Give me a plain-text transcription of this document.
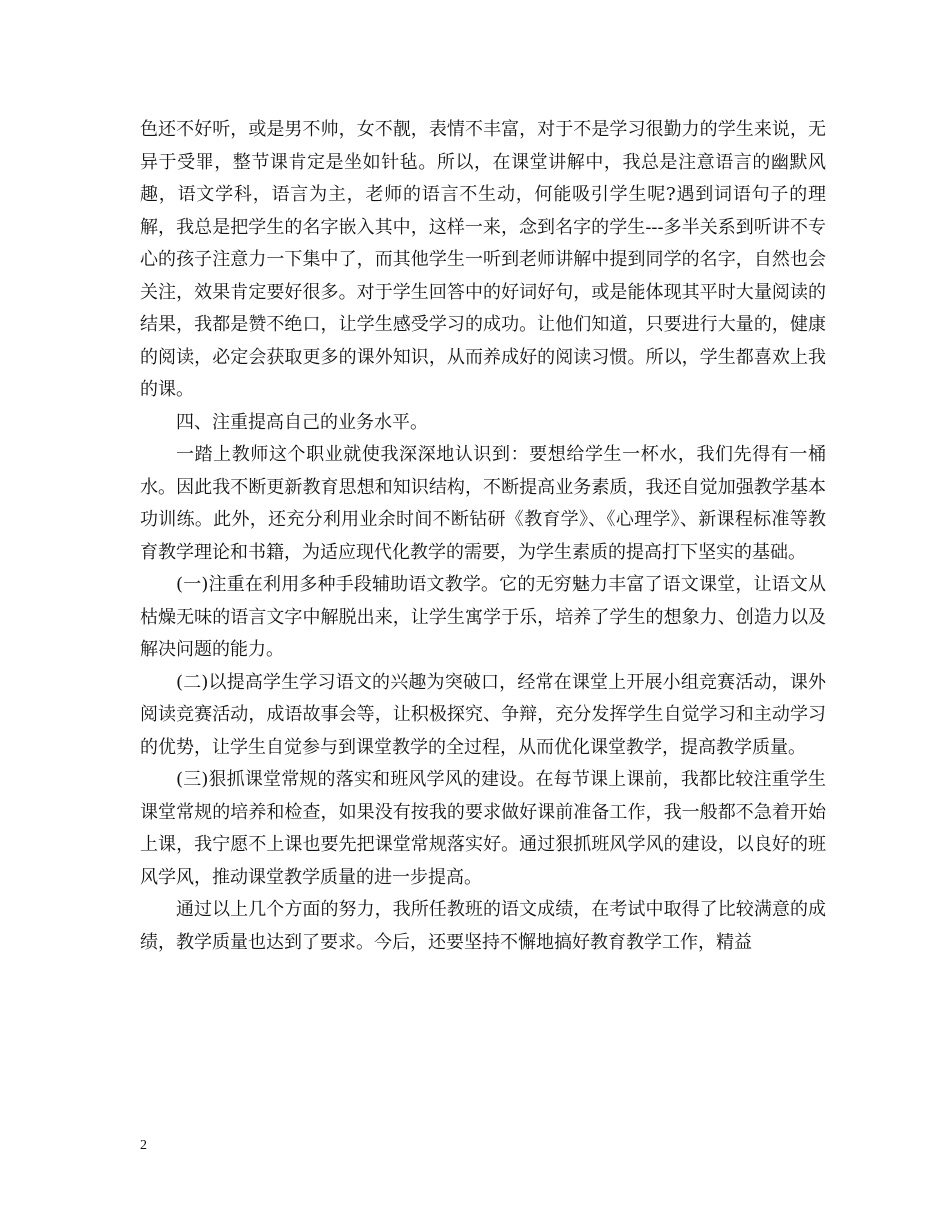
色还不好听，或是男不帅，女不靓，表情不丰富，对于不是学习很勤力的学生来说，无异于受罪，整节课肯定是坐如针毡。所以，在课堂讲解中，我总是注意语言的幽默风趣，语文学科，语言为主，老师的语言不生动，何能吸引学生呢?遇到词语句子的理解，我总是把学生的名字嵌入其中，这样一来，念到名字的学生---多半关系到听讲不专心的孩子注意力一下集中了，而其他学生一听到老师讲解中提到同学的名字，自然也会关注，效果肯定要好很多。对于学生回答中的好词好句，或是能体现其平时大量阅读的结果，我都是赞不绝口，让学生感受学习的成功。让他们知道，只要进行大量的，健康的阅读，必定会获取更多的课外知识，从而养成好的阅读习惯。所以，学生都喜欢上我的课。

四、注重提高自己的业务水平。

一踏上教师这个职业就使我深深地认识到：要想给学生一杯水，我们先得有一桶水。因此我不断更新教育思想和知识结构，不断提高业务素质，我还自觉加强教学基本功训练。此外，还充分利用业余时间不断钻研《教育学》、《心理学》、新课程标准等教育教学理论和书籍，为适应现代化教学的需要，为学生素质的提高打下坚实的基础。

(一)注重在利用多种手段辅助语文教学。它的无穷魅力丰富了语文课堂，让语文从枯燥无味的语言文字中解脱出来，让学生寓学于乐，培养了学生的想象力、创造力以及解决问题的能力。

(二)以提高学生学习语文的兴趣为突破口，经常在课堂上开展小组竞赛活动，课外阅读竞赛活动，成语故事会等，让积极探究、争辩，充分发挥学生自觉学习和主动学习的优势，让学生自觉参与到课堂教学的全过程，从而优化课堂教学，提高教学质量。

(三)狠抓课堂常规的落实和班风学风的建设。在每节课上课前，我都比较注重学生课堂常规的培养和检查，如果没有按我的要求做好课前准备工作，我一般都不急着开始上课，我宁愿不上课也要先把课堂常规落实好。通过狠抓班风学风的建设，以良好的班风学风，推动课堂教学质量的进一步提高。

通过以上几个方面的努力，我所任教班的语文成绩，在考试中取得了比较满意的成绩，教学质量也达到了要求。今后，还要坚持不懈地搞好教育教学工作，精益

2
